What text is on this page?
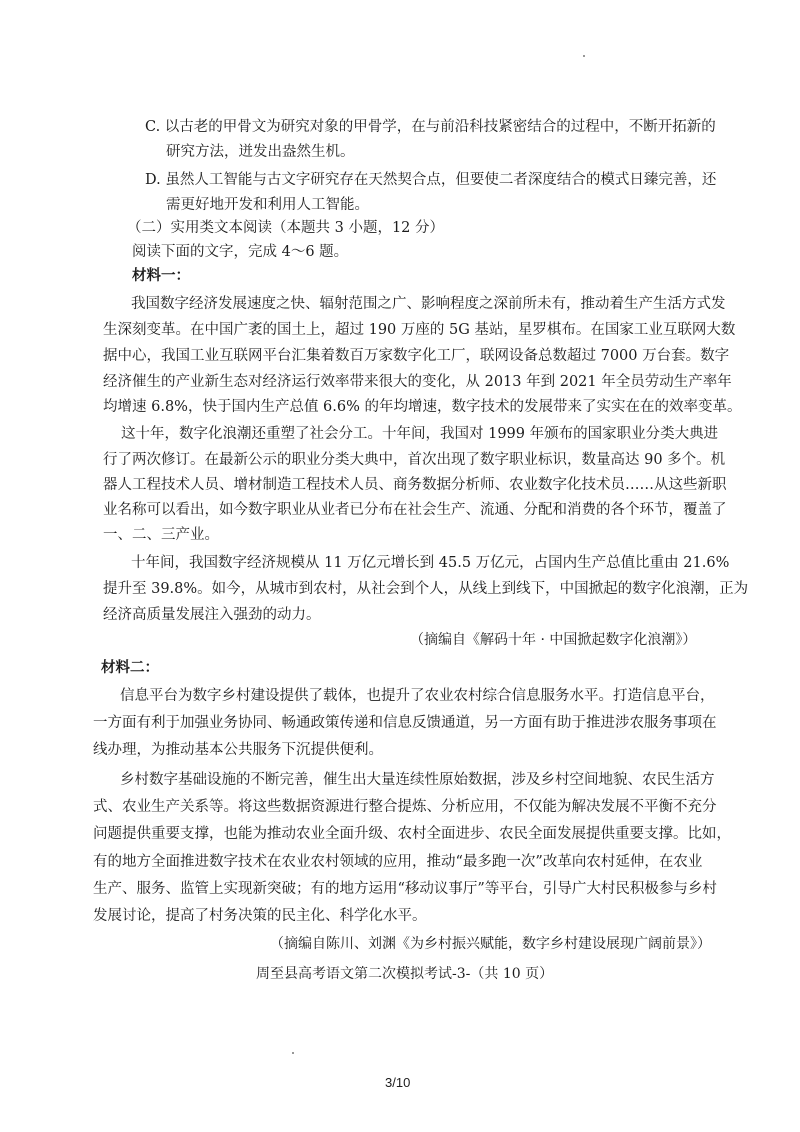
C. 以古老的甲骨文为研究对象的甲骨学，在与前沿科技紧密结合的过程中，不断开拓新的
研究方法，迸发出盎然生机。
D. 虽然人工智能与古文字研究存在天然契合点，但要使二者深度结合的模式日臻完善，还
需更好地开发和利用人工智能。
（二）实用类文本阅读（本题共 3 小题，12 分）
阅读下面的文字，完成 4～6 题。
材料一：
我国数字经济发展速度之快、辐射范围之广、影响程度之深前所未有，推动着生产生活方式发
生深刻变革。在中国广袤的国土上，超过 190 万座的 5G 基站，星罗棋布。在国家工业互联网大数
据中心，我国工业互联网平台汇集着数百万家数字化工厂，联网设备总数超过 7000 万台套。数字
经济催生的产业新生态对经济运行效率带来很大的变化，从 2013 年到 2021 年全员劳动生产率年
均增速 6.8%，快于国内生产总值 6.6% 的年均增速，数字技术的发展带来了实实在在的效率变革。
这十年，数字化浪潮还重塑了社会分工。十年间，我国对 1999 年颁布的国家职业分类大典进
行了两次修订。在最新公示的职业分类大典中，首次出现了数字职业标识，数量高达 90 多个。机
器人工程技术人员、增材制造工程技术人员、商务数据分析师、农业数字化技术员……从这些新职
业名称可以看出，如今数字职业从业者已分布在社会生产、流通、分配和消费的各个环节，覆盖了
一、二、三产业。
十年间，我国数字经济规模从 11 万亿元增长到 45.5 万亿元，占国内生产总值比重由 21.6%
提升至 39.8%。如今，从城市到农村，从社会到个人，从线上到线下，中国掀起的数字化浪潮，正为
经济高质量发展注入强劲的动力。
（摘编自《解码十年 · 中国掀起数字化浪潮》）
材料二：
信息平台为数字乡村建设提供了载体，也提升了农业农村综合信息服务水平。打造信息平台，
一方面有利于加强业务协同、畅通政策传递和信息反馈通道，另一方面有助于推进涉农服务事项在
线办理，为推动基本公共服务下沉提供便利。
乡村数字基础设施的不断完善，催生出大量连续性原始数据，涉及乡村空间地貌、农民生活方
式、农业生产关系等。将这些数据资源进行整合提炼、分析应用，不仅能为解决发展不平衡不充分
问题提供重要支撑，也能为推动农业全面升级、农村全面进步、农民全面发展提供重要支撑。比如，
有的地方全面推进数字技术在农业农村领域的应用，推动“最多跑一次”改革向农村延伸，在农业
生产、服务、监管上实现新突破；有的地方运用“移动议事厅”等平台，引导广大村民积极参与乡村
发展讨论，提高了村务决策的民主化、科学化水平。
（摘编自陈川、刘渊《为乡村振兴赋能，数字乡村建设展现广阔前景》）
周至县高考语文第二次模拟考试-3-（共 10 页）
3/10
